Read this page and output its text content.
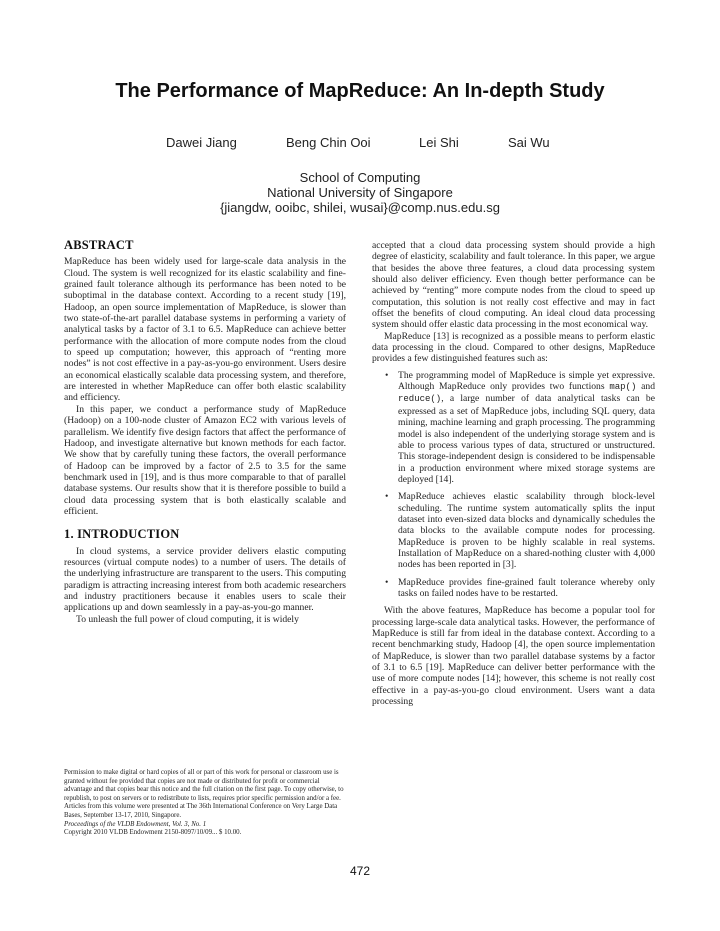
The Performance of MapReduce: An In-depth Study
Dawei Jiang	Beng Chin Ooi	Lei Shi	Sai Wu
School of Computing
National University of Singapore
{jiangdw, ooibc, shilei, wusai}@comp.nus.edu.sg
ABSTRACT

MapReduce has been widely used for large-scale data analysis in the Cloud. The system is well recognized for its elastic scalability and fine-grained fault tolerance although its performance has been noted to be suboptimal in the database context. According to a recent study [19], Hadoop, an open source implementation of MapReduce, is slower than two state-of-the-art parallel database systems in performing a variety of analytical tasks by a factor of 3.1 to 6.5. MapReduce can achieve better performance with the allocation of more compute nodes from the cloud to speed up computation; however, this approach of “renting more nodes” is not cost effective in a pay-as-you-go environment. Users desire an economical elastically scalable data processing system, and therefore, are interested in whether MapReduce can offer both elastic scalability and efficiency.

In this paper, we conduct a performance study of MapReduce (Hadoop) on a 100-node cluster of Amazon EC2 with various levels of parallelism. We identify five design factors that affect the performance of Hadoop, and investigate alternative but known methods for each factor. We show that by carefully tuning these factors, the overall performance of Hadoop can be improved by a factor of 2.5 to 3.5 for the same benchmark used in [19], and is thus more comparable to that of parallel database systems. Our results show that it is therefore possible to build a cloud data processing system that is both elastically scalable and efficient.

1. INTRODUCTION

In cloud systems, a service provider delivers elastic computing resources (virtual compute nodes) to a number of users. The details of the underlying infrastructure are transparent to the users. This computing paradigm is attracting increasing interest from both academic researchers and industry practitioners because it enables users to scale their applications up and down seamlessly in a pay-as-you-go manner.

To unleash the full power of cloud computing, it is widely

Permission to make digital or hard copies of all or part of this work for personal or classroom use is granted without fee provided that copies are not made or distributed for profit or commercial advantage and that copies bear this notice and the full citation on the first page. To copy otherwise, to republish, to post on servers or to redistribute to lists, requires prior specific permission and/or a fee. Articles from this volume were presented at The 36th International Conference on Very Large Data Bases, September 13-17, 2010, Singapore.
Proceedings of the VLDB Endowment, Vol. 3, No. 1
Copyright 2010 VLDB Endowment 2150-8097/10/09... $ 10.00.

accepted that a cloud data processing system should provide a high degree of elasticity, scalability and fault tolerance. In this paper, we argue that besides the above three features, a cloud data processing system should also deliver efficiency. Even though better performance can be achieved by “renting” more compute nodes from the cloud to speed up computation, this solution is not really cost effective and may in fact offset the benefits of cloud computing. An ideal cloud data processing system should offer elastic data processing in the most economical way.

MapReduce [13] is recognized as a possible means to perform elastic data processing in the cloud. Compared to other designs, MapReduce provides a few distinguished features such as:

• The programming model of MapReduce is simple yet expressive. Although MapReduce only provides two functions map() and reduce(), a large number of data analytical tasks can be expressed as a set of MapReduce jobs, including SQL query, data mining, machine learning and graph processing. The programming model is also independent of the underlying storage system and is able to process various types of data, structured or unstructured. This storage-independent design is considered to be indispensable in a production environment where mixed storage systems are deployed [14].
• MapReduce achieves elastic scalability through block-level scheduling. The runtime system automatically splits the input dataset into even-sized data blocks and dynamically schedules the data blocks to the available compute nodes for processing. MapReduce is proven to be highly scalable in real systems. Installation of MapReduce on a shared-nothing cluster with 4,000 nodes has been reported in [3].
• MapReduce provides fine-grained fault tolerance whereby only tasks on failed nodes have to be restarted.

With the above features, MapReduce has become a popular tool for processing large-scale data analytical tasks. However, the performance of MapReduce is still far from ideal in the database context. According to a recent benchmarking study, Hadoop [4], the open source implementation of MapReduce, is slower than two parallel database systems by a factor of 3.1 to 6.5 [19]. MapReduce can deliver better performance with the use of more compute nodes [14]; however, this scheme is not really cost effective in a pay-as-you-go cloud environment. Users want a data processing

472
